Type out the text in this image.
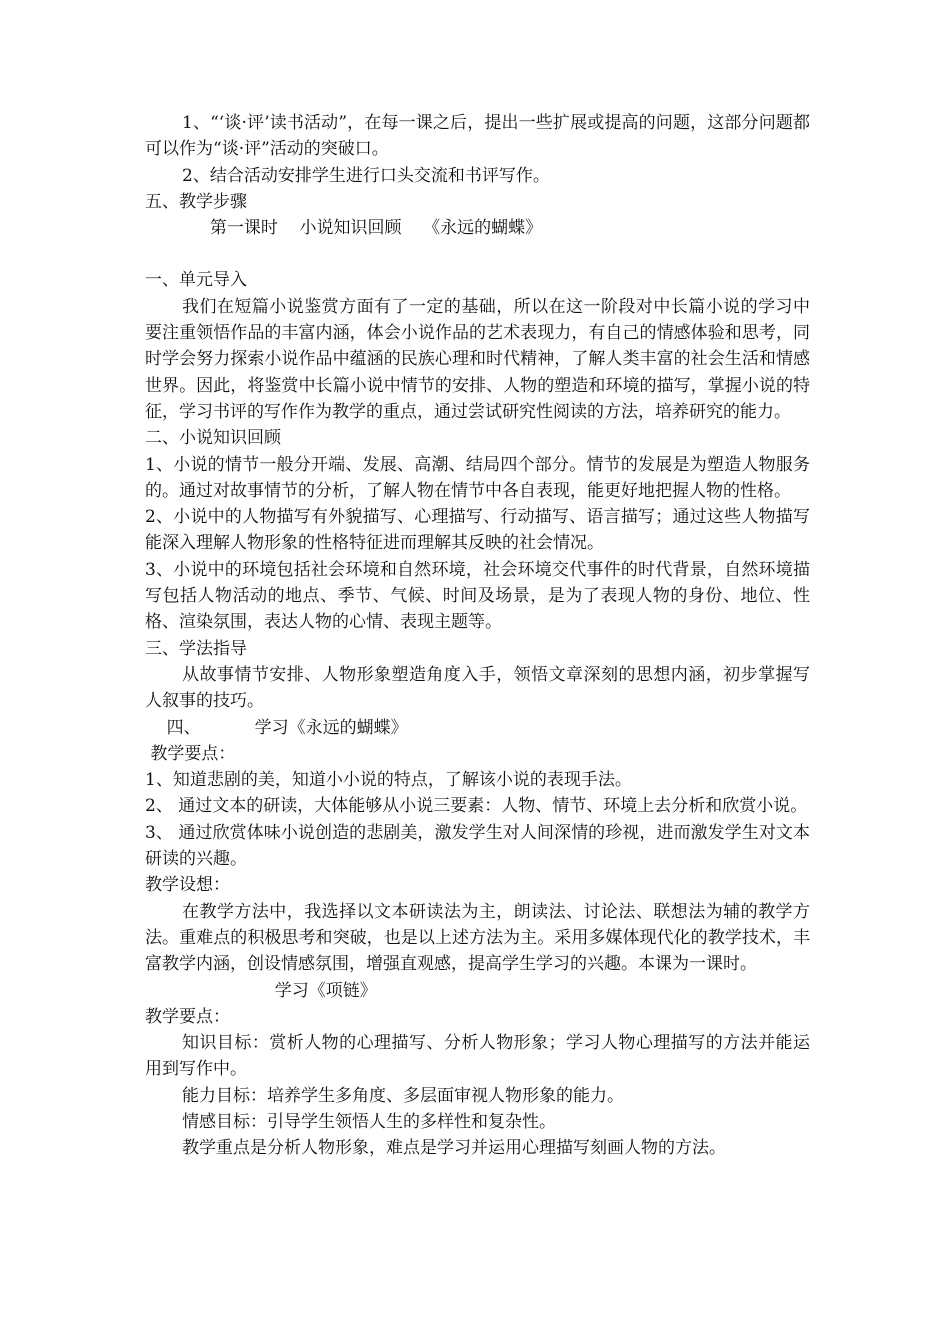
1、“‘谈·评’读书活动”，在每一课之后，提出一些扩展或提高的问题，这部分问题都可以作为“谈·评”活动的突破口。

2、结合活动安排学生进行口头交流和书评写作。

五、教学步骤

第一课时    小说知识回顾    《永远的蝴蝶》

一、单元导入

我们在短篇小说鉴赏方面有了一定的基础，所以在这一阶段对中长篇小说的学习中要注重领悟作品的丰富内涵，体会小说作品的艺术表现力，有自己的情感体验和思考，同时学会努力探索小说作品中蕴涵的民族心理和时代精神，了解人类丰富的社会生活和情感世界。因此，将鉴赏中长篇小说中情节的安排、人物的塑造和环境的描写，掌握小说的特征，学习书评的写作作为教学的重点，通过尝试研究性阅读的方法，培养研究的能力。

二、小说知识回顾

1、小说的情节一般分开端、发展、高潮、结局四个部分。情节的发展是为塑造人物服务的。通过对故事情节的分析，了解人物在情节中各自表现，能更好地把握人物的性格。

2、小说中的人物描写有外貌描写、心理描写、行动描写、语言描写；通过这些人物描写能深入理解人物形象的性格特征进而理解其反映的社会情况。

3、小说中的环境包括社会环境和自然环境，社会环境交代事件的时代背景，自然环境描写包括人物活动的地点、季节、气候、时间及场景，是为了表现人物的身份、地位、性格、渲染氛围，表达人物的心情、表现主题等。

三、学法指导

从故事情节安排、人物形象塑造角度入手，领悟文章深刻的思想内涵，初步掌握写人叙事的技巧。

四、          学习《永远的蝴蝶》

教学要点：

1、知道悲剧的美，知道小小说的特点，了解该小说的表现手法。

2、 通过文本的研读，大体能够从小说三要素：人物、情节、环境上去分析和欣赏小说。

3、 通过欣赏体味小说创造的悲剧美，激发学生对人间深情的珍视，进而激发学生对文本研读的兴趣。

教学设想：

在教学方法中，我选择以文本研读法为主，朗读法、讨论法、联想法为辅的教学方法。重难点的积极思考和突破，也是以上述方法为主。采用多媒体现代化的教学技术，丰富教学内涵，创设情感氛围，增强直观感，提高学生学习的兴趣。本课为一课时。

学习《项链》

教学要点：

知识目标：赏析人物的心理描写、分析人物形象；学习人物心理描写的方法并能运用到写作中。

能力目标：培养学生多角度、多层面审视人物形象的能力。

情感目标：引导学生领悟人生的多样性和复杂性。

教学重点是分析人物形象，难点是学习并运用心理描写刻画人物的方法。
